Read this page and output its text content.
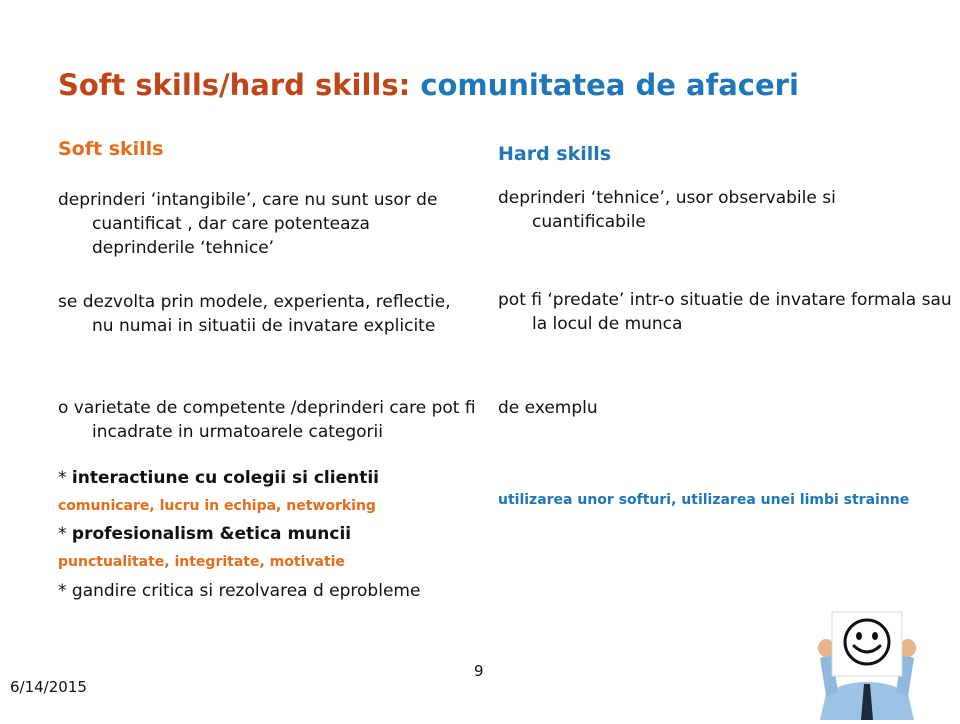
Soft skills/hard skills: comunitatea de afaceri
Soft skills
deprinderi ‘intangibile’, care nu sunt usor de cuantificat , dar care potenteaza deprinderile ‘tehnice’
se dezvolta prin modele, experienta, reflectie, nu numai in situatii de invatare explicite
o varietate de competente /deprinderi care pot fi incadrate in urmatoarele categorii
* interactiune cu colegii si clientii
comunicare, lucru in echipa, networking
* profesionalism &etica muncii
punctualitate, integritate, motivatie
* gandire critica si rezolvarea d eprobleme
Hard skills
deprinderi ‘tehnice’, usor observabile si cuantificabile
pot fi ‘predate’ intr-o situatie de invatare formala sau la locul de munca
de exemplu
utilizarea unor softuri, utilizarea unei limbi strainne
6/14/2015
9
